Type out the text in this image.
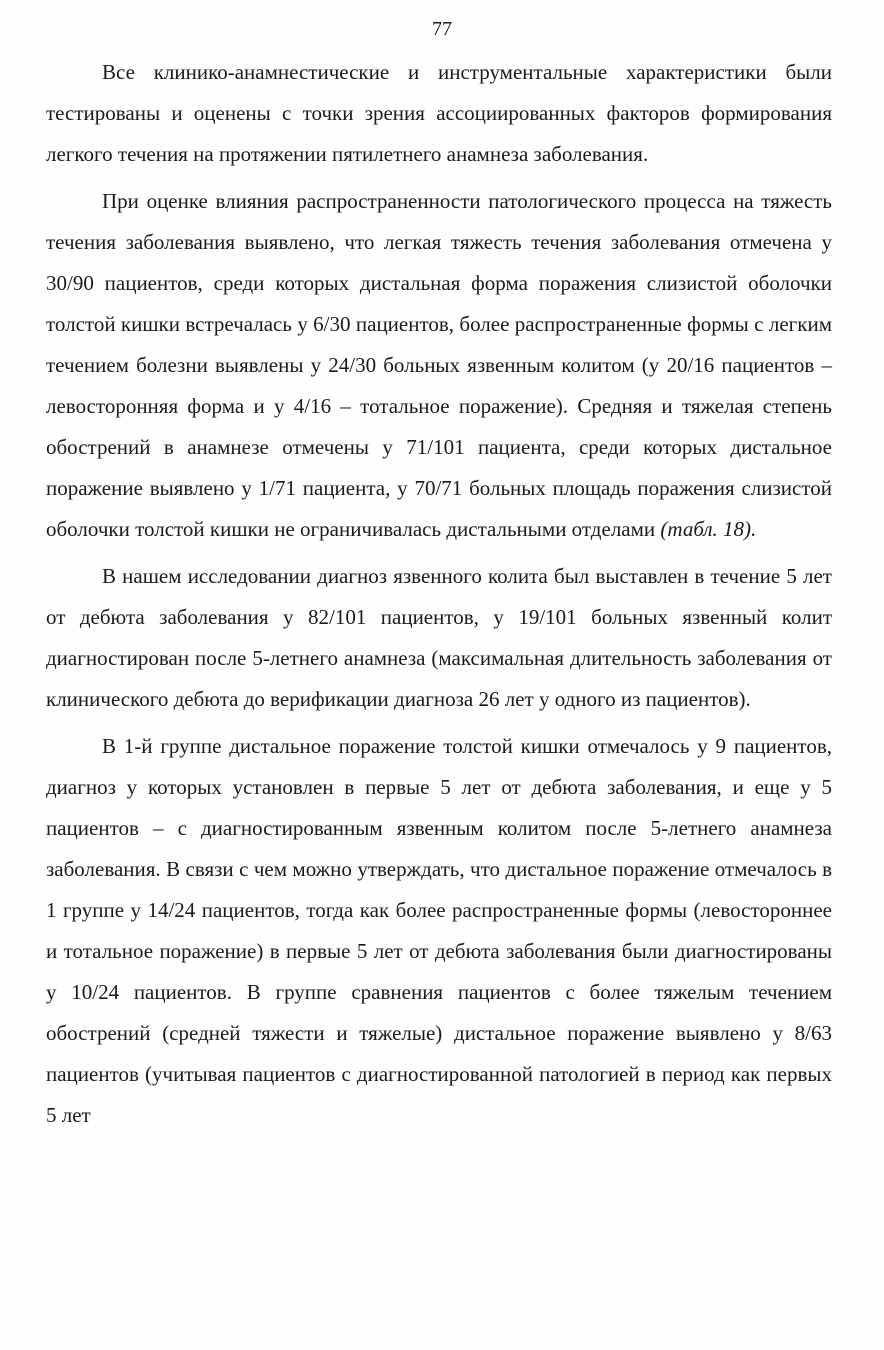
77

Все клинико-анамнестические и инструментальные характеристики были тестированы и оценены с точки зрения ассоциированных факторов формирования легкого течения на протяжении пятилетнего анамнеза заболевания.

При оценке влияния распространенности патологического процесса на тяжесть течения заболевания выявлено, что легкая тяжесть течения заболевания отмечена у 30/90 пациентов, среди которых дистальная форма поражения слизистой оболочки толстой кишки встречалась у 6/30 пациентов, более распространенные формы с легким течением болезни выявлены у 24/30 больных язвенным колитом (у 20/16 пациентов – левосторонняя форма и у 4/16 – тотальное поражение). Средняя и тяжелая степень обострений в анамнезе отмечены у 71/101 пациента, среди которых дистальное поражение выявлено у 1/71 пациента, у 70/71 больных площадь поражения слизистой оболочки толстой кишки не ограничивалась дистальными отделами (табл. 18).

В нашем исследовании диагноз язвенного колита был выставлен в течение 5 лет от дебюта заболевания у 82/101 пациентов, у 19/101 больных язвенный колит диагностирован после 5-летнего анамнеза (максимальная длительность заболевания от клинического дебюта до верификации диагноза 26 лет у одного из пациентов).

В 1-й группе дистальное поражение толстой кишки отмечалось у 9 пациентов, диагноз у которых установлен в первые 5 лет от дебюта заболевания, и еще у 5 пациентов – с диагностированным язвенным колитом после 5-летнего анамнеза заболевания. В связи с чем можно утверждать, что дистальное поражение отмечалось в 1 группе у 14/24 пациентов, тогда как более распространенные формы (левостороннее и тотальное поражение) в первые 5 лет от дебюта заболевания были диагностированы у 10/24 пациентов. В группе сравнения пациентов с более тяжелым течением обострений (средней тяжести и тяжелые) дистальное поражение выявлено у 8/63 пациентов (учитывая пациентов с диагностированной патологией в период как первых 5 лет
